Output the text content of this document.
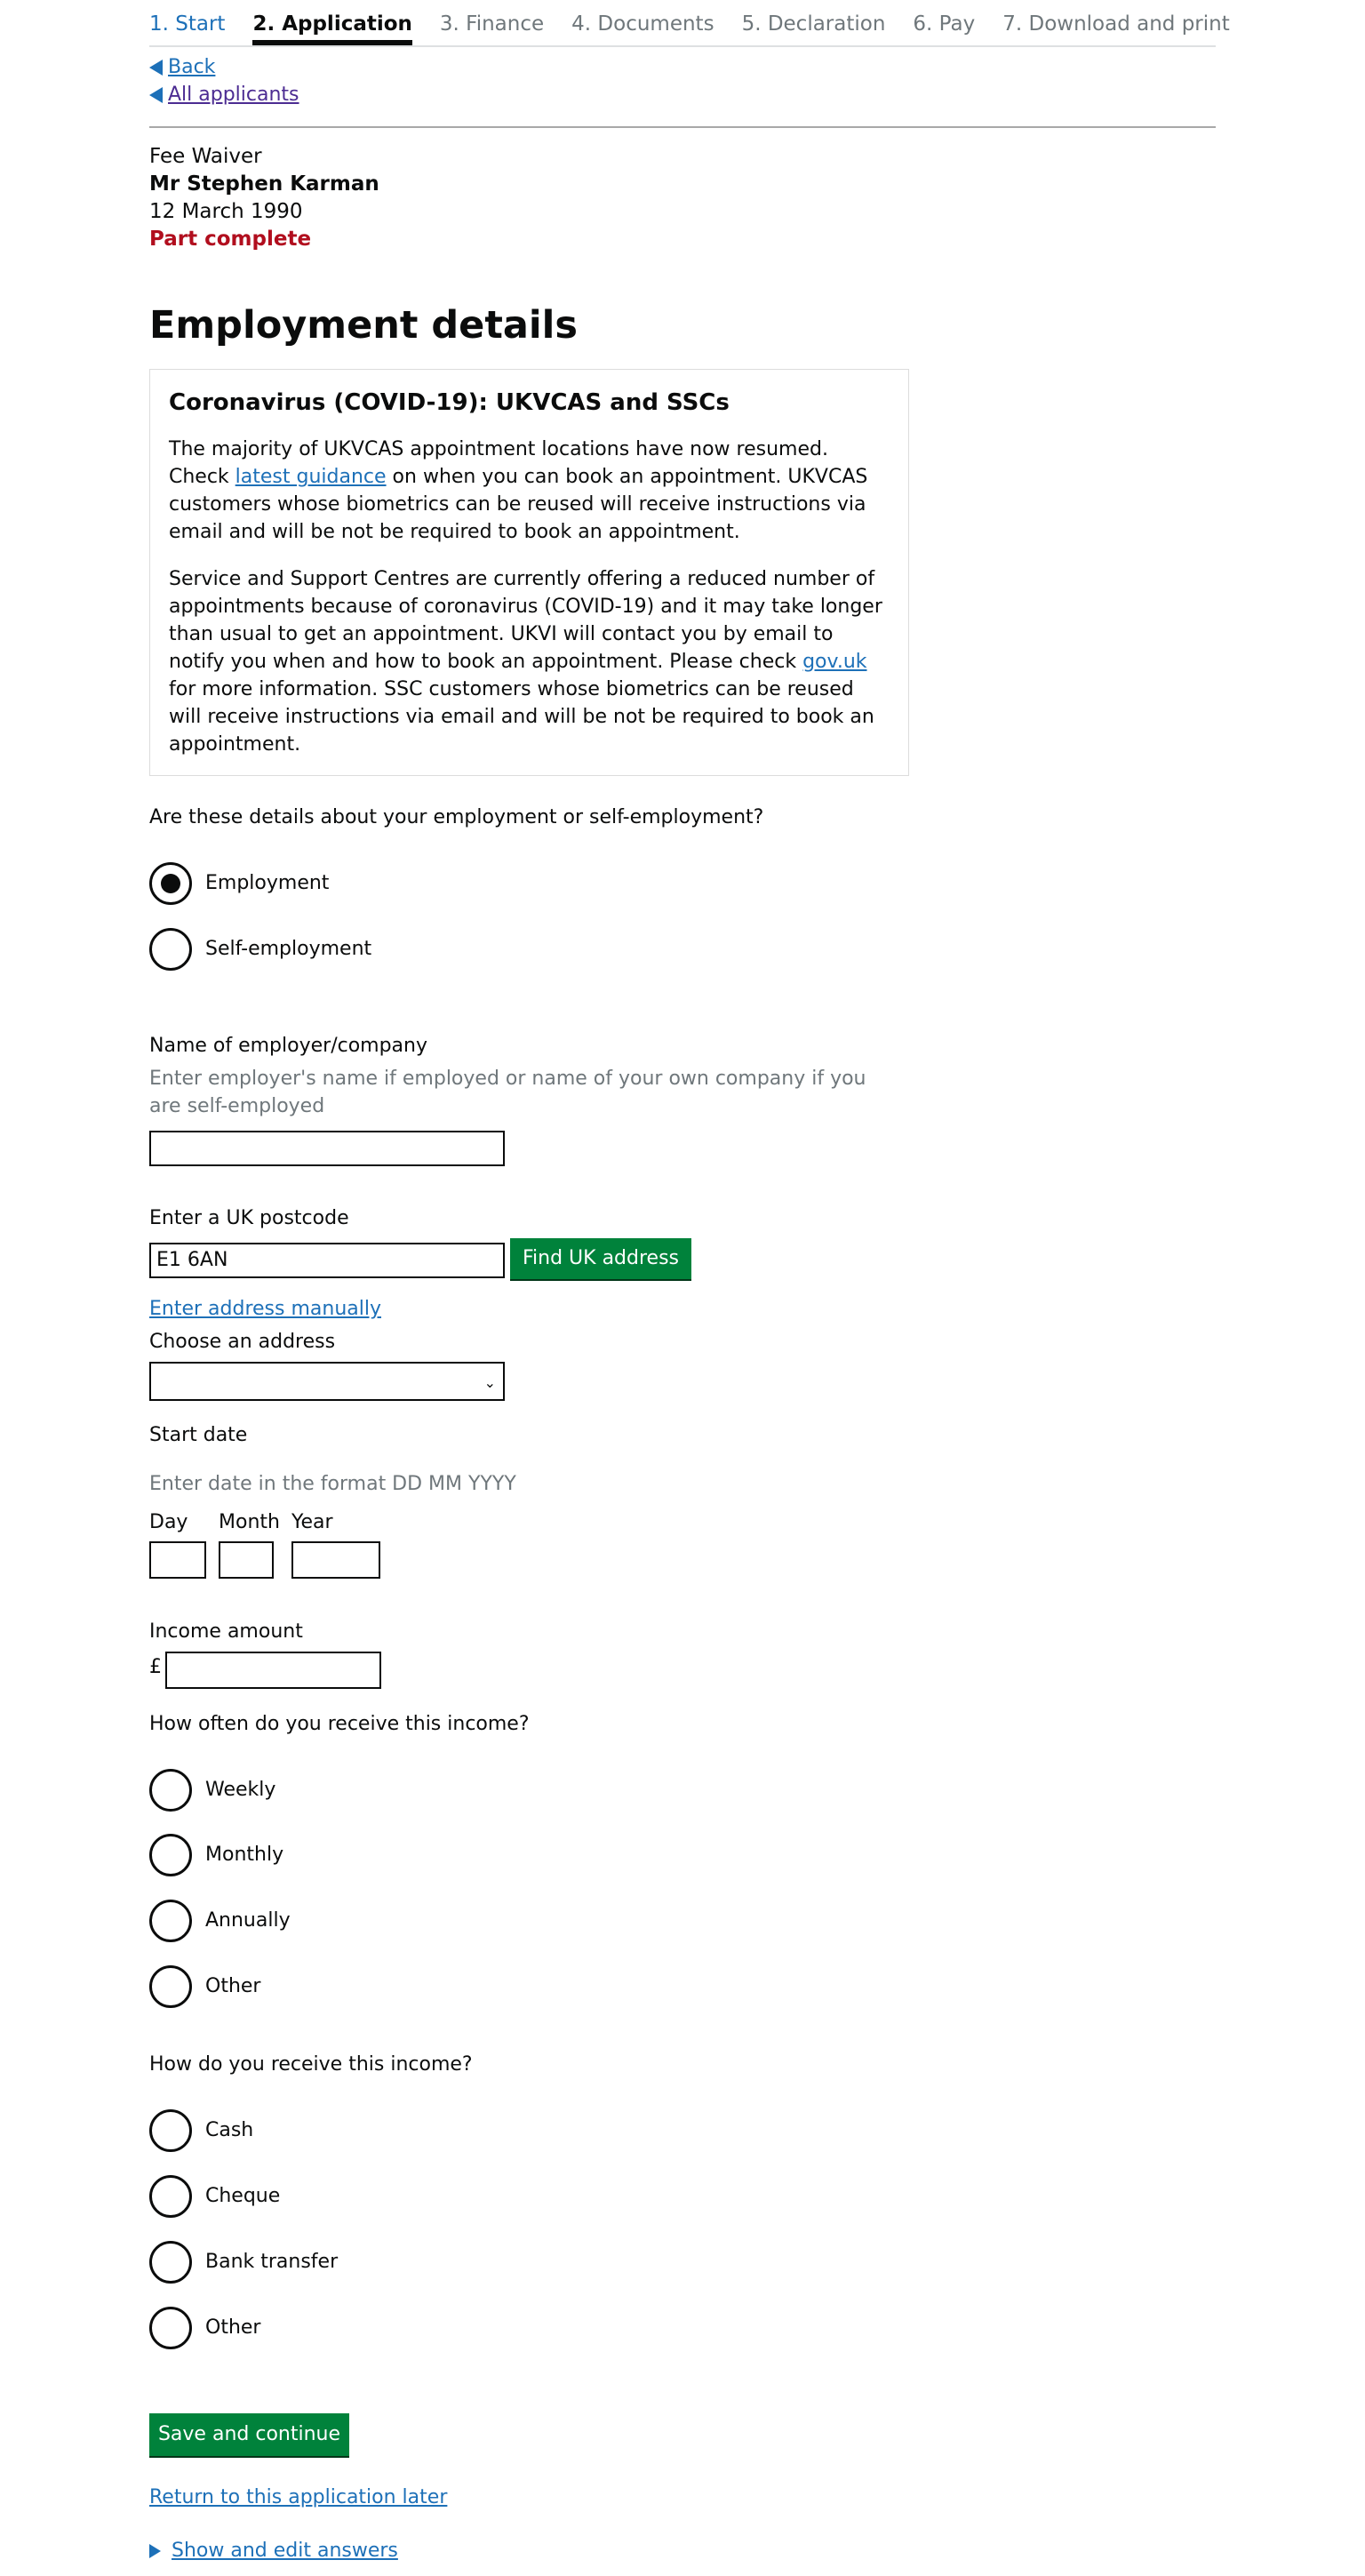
1. Start 2. Application 3. Finance 4. Documents 5. Declaration 6. Pay 7. Download and print
Back
All applicants
Fee Waiver
Mr Stephen Karman
12 March 1990
Part complete
Employment details
Coronavirus (COVID-19): UKVCAS and SSCs

The majority of UKVCAS appointment locations have now resumed. Check latest guidance on when you can book an appointment. UKVCAS customers whose biometrics can be reused will receive instructions via email and will be not be required to book an appointment.

Service and Support Centres are currently offering a reduced number of appointments because of coronavirus (COVID-19) and it may take longer than usual to get an appointment. UKVI will contact you by email to notify you when and how to book an appointment. Please check gov.uk for more information. SSC customers whose biometrics can be reused will receive instructions via email and will be not be required to book an appointment.

Are these details about your employment or self-employment?
Employment
Self-employment
Name of employer/company
Enter employer's name if employed or name of your own company if you are self-employed
Enter a UK postcode
E1 6AN	Find UK address
Enter address manually
Choose an address
⌄
Start date
Enter date in the format DD MM YYYY
Day Month Year
Income amount
£
How often do you receive this income?
Weekly
Monthly
Annually
Other
How do you receive this income?
Cash
Cheque
Bank transfer
Other
Save and continue
Return to this application later
Show and edit answers
